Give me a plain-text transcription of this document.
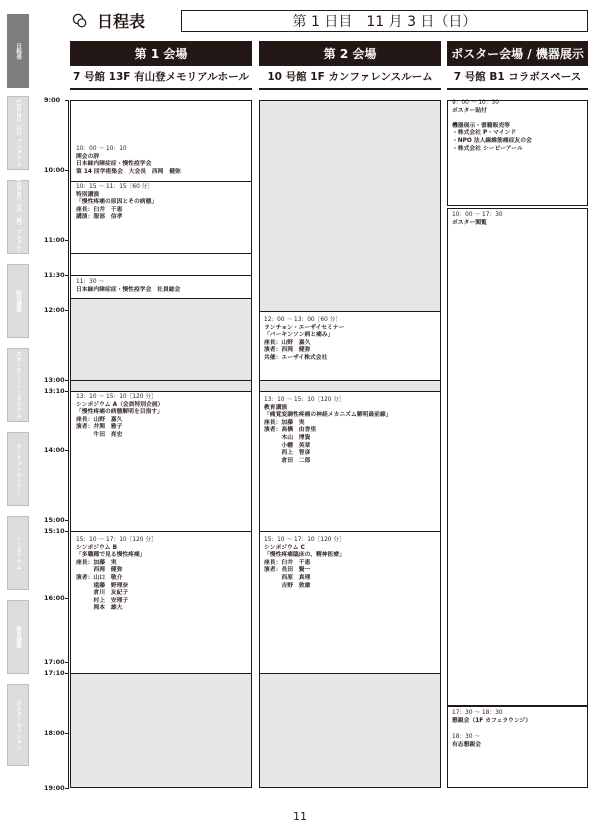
日程表
11月3日（日）プログラム
11月4日（月・祝）プログラム
特別講演
スポンサードシンポジウム
ランチョンセミナー
シンポジウム
教育講演
ポスターセッション
日程表	第 1 日目　11 月 3 日（日）
第 1 会場	第 2 会場	ポスター会場 / 機器展示
7 号館 13F 有山登メモリアルホール	10 号館 1F カンファレンスルーム	7 号館 B1 コラボスペース
9:00
10:00
11:00
11:30
12:00
13:00
13:10
14:00
15:00
15:10
16:00
17:00
17:10
18:00
19:00
10：00 〜 10：10
開会の辞
日本緑内障症症・慢性疫学会
第 14 回学術集会　大会長　西岡　健弥
10：15 〜 11：15［60 分］
特別講演
「慢性疼痛の原因とその病態」
座長：臼井　千恵
講演：服部　信孝
11：30 〜
日本緑内障症症・慢性疫学会　社員総会
13：10 〜 15：10［120 分］
シンポジウム A（会員特別企画）
「慢性疼痛の病態解明を目指す」
座長：山野　嘉久
演者：井関　雅子
　　　牛田　亮宏
15：10 〜 17：10［120 分］
シンポジウム B
「多職種で見る慢性疼痛」
座長：加藤　実
　　　西岡　健弥
演者：山口　敬介
　　　遠藤　野理奈
　　　倉川　友紀子
　　　村上　安理子
　　　岡本　雄大
12：00 〜 13：00［60 分］
ランチョン・エーザイセミナー
「パーキンソン病と痛み」
座長：山野　嘉久
演者：西岡　健弥
共催：エーザイ株式会社
13：10 〜 15：10［120 分］
教育講演
「痛覚変調性疼痛の神経メカニズム解明最前線」
座長：加藤　実
演者：高橋　由香里
　　　木山　博資
　　　小幡　英章
　　　西上　智彦
　　　倉田　二郎
15：10 〜 17：10［120 分］
シンポジウム C
「慢性疼痛臨床の、精神医療」
座長：臼井　千恵
演者：長田　賢一
　　　西原　真理
　　　吉野　敦雄
9：00 〜 10：30
ポスター貼付
機器展示・書籍販売等
・株式会社 P・マインド
・NPO 法人線維筋痛症友の会
・株式会社 シービーアール
10：00 〜 17：30
ポスター閲覧
17：30 〜 18：30
懇親会（1F カフェラウンジ）
18：30 〜
有志懇親会
11
